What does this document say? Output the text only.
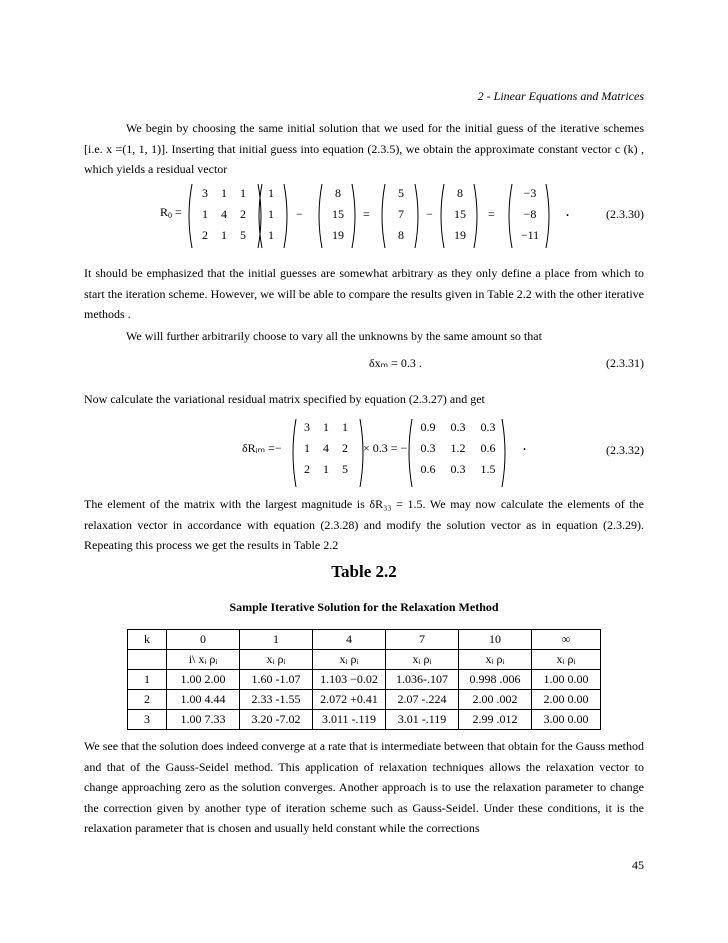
2 - Linear Equations and Matrices

We begin by choosing the same initial solution that we used for the initial guess of the iterative schemes [i.e. x =(1, 1, 1)]. Inserting that initial guess into equation (2.3.5), we obtain the approximate constant vector c (k) , which yields a residual vector

$R_0$ =
3	1	1
1	4	2
2	1	5
1
1
1
−
8
15
19
=
5
7
8
−
8
15
19
=
−3
−8
−11
.	(2.3.30)

It should be emphasized that the initial guesses are somewhat arbitrary as they only define a place from which to start the iteration scheme. However, we will be able to compare the results given in Table 2.2 with the other iterative methods .

We will further arbitrarily choose to vary all the unknowns by the same amount so that

δxₘ = 0.3 .	(2.3.31)

Now calculate the variational residual matrix specified by equation (2.3.27) and get

δRᵢₘ =−
3	1	1
1	4	2
2	1	5
× 0.3 = −
0.9	0.3	0.3
0.3	1.2	0.6
0.6	0.3	1.5
.	(2.3.32)

The element of the matrix with the largest magnitude is δR₃₃ = 1.5. We may now calculate the elements of the relaxation vector in accordance with equation (2.3.28) and modify the solution vector as in equation (2.3.29). Repeating this process we get the results in Table 2.2

Table 2.2
Sample Iterative Solution for the Relaxation Method
k	0	1	4	7	10	∞
	i\ xᵢ ρᵢ	xᵢ ρᵢ	xᵢ ρᵢ	xᵢ ρᵢ	xᵢ ρᵢ	xᵢ ρᵢ
1	1.00 2.00	1.60 -1.07	1.103 −0.02	1.036-.107	0.998 .006	1.00 0.00
2	1.00 4.44	2.33 -1.55	2.072 +0.41	2.07 -.224	2.00 .002	2.00 0.00
3	1.00 7.33	3.20 -7.02	3.011 -.119	3.01 -.119	2.99 .012	3.00 0.00

We see that the solution does indeed converge at a rate that is intermediate between that obtain for the Gauss method and that of the Gauss-Seidel method. This application of relaxation techniques allows the relaxation vector to change approaching zero as the solution converges. Another approach is to use the relaxation parameter to change the correction given by another type of iteration scheme such as Gauss-Seidel. Under these conditions, it is the relaxation parameter that is chosen and usually held constant while the corrections

45
